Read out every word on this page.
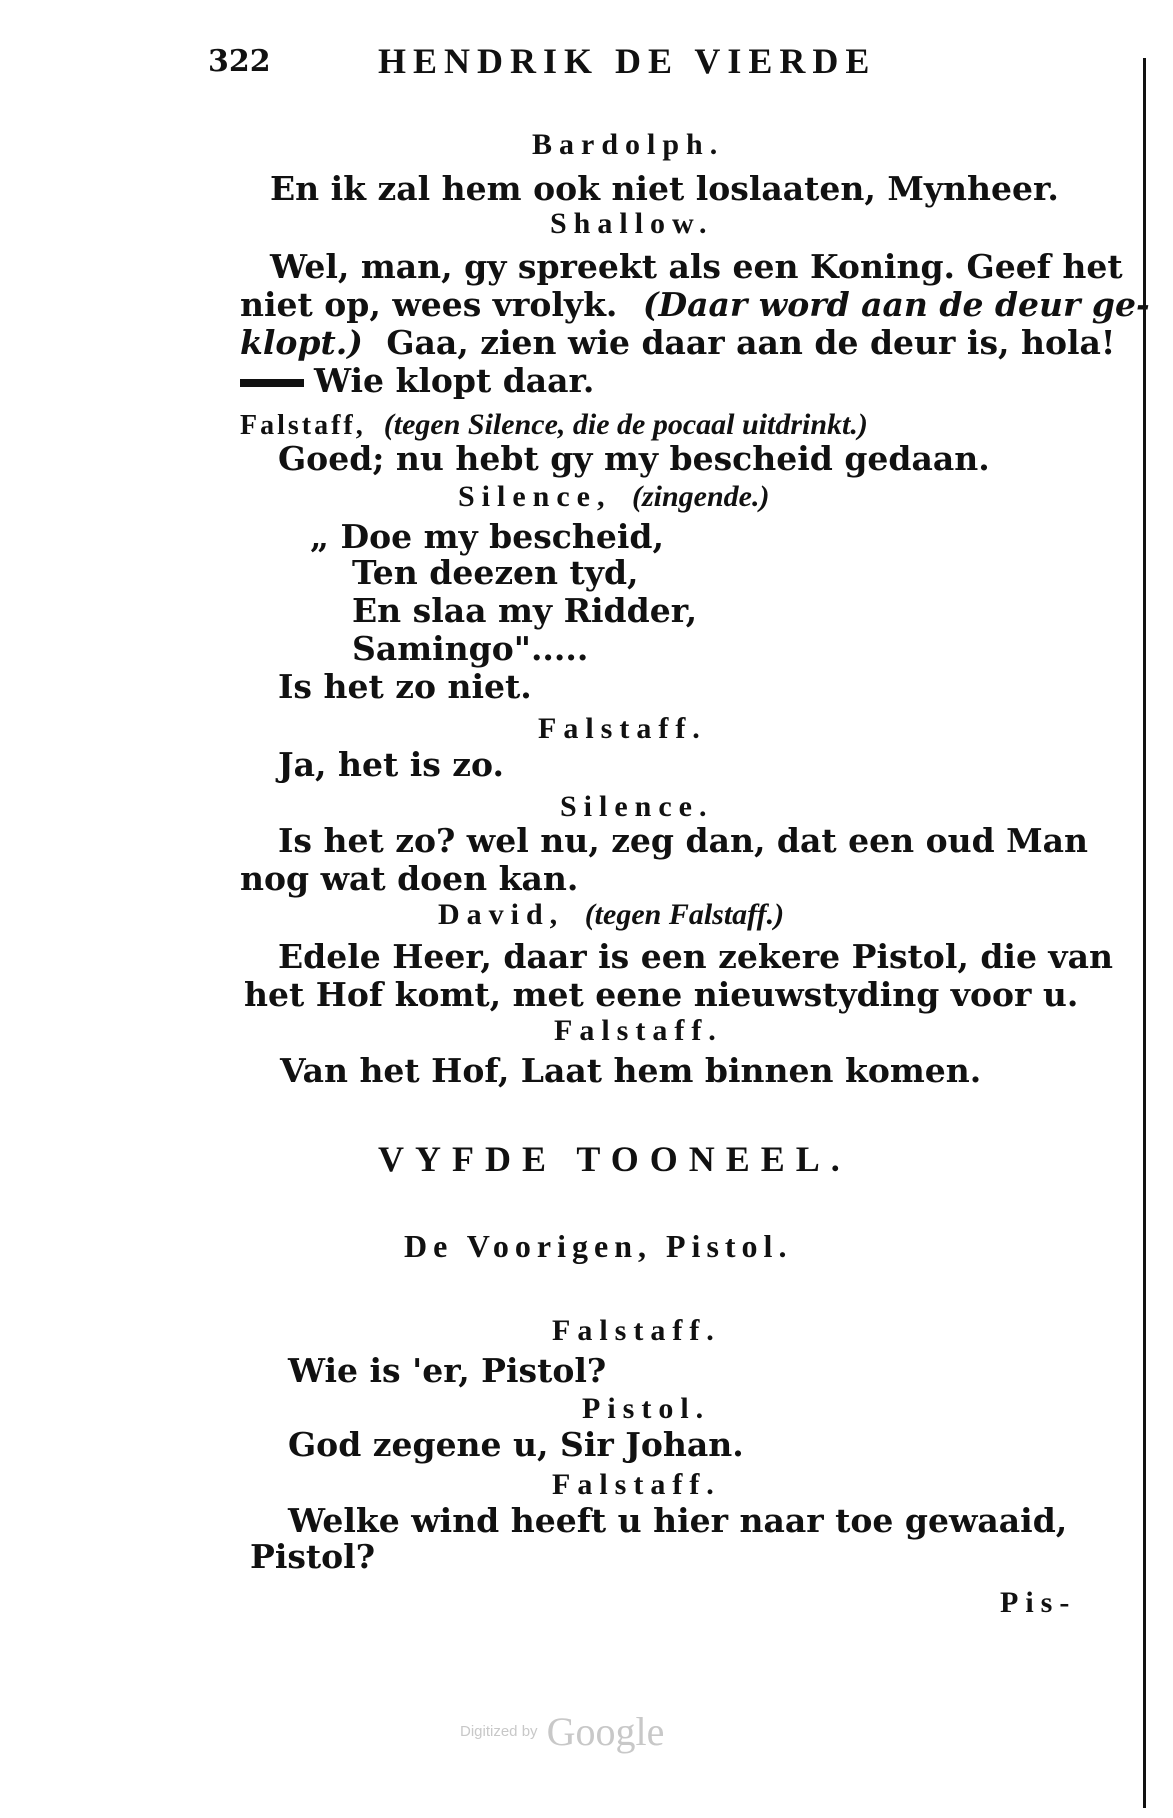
322	HENDRIK DE VIERDE
Bardolph.
En ik zal hem ook niet loslaaten, Mynheer.
Shallow.
Wel, man, gy spreekt als een Koning. Geef het
niet op, wees vrolyk. (Daar word aan de deur ge-
klopt.) Gaa, zien wie daar aan de deur is, hola!
Wie klopt daar.
Falstaff, (tegen Silence, die de pocaal uitdrinkt.)
Goed; nu hebt gy my bescheid gedaan.
Silence, (zingende.)
„ Doe my bescheid,
Ten deezen tyd,
En slaa my Ridder,
Samingo".....
Is het zo niet.
Falstaff.
Ja, het is zo.
Silence.
Is het zo? wel nu, zeg dan, dat een oud Man
nog wat doen kan.
David, (tegen Falstaff.)
Edele Heer, daar is een zekere Pistol, die van
het Hof komt, met eene nieuwstyding voor u.
Falstaff.
Van het Hof, Laat hem binnen komen.
VYFDE TOONEEL.
De Voorigen, Pistol.
Falstaff.
Wie is 'er, Pistol?
Pistol.
God zegene u, Sir Johan.
Falstaff.
Welke wind heeft u hier naar toe gewaaid,
Pistol?
Pis-
Digitized by Google
